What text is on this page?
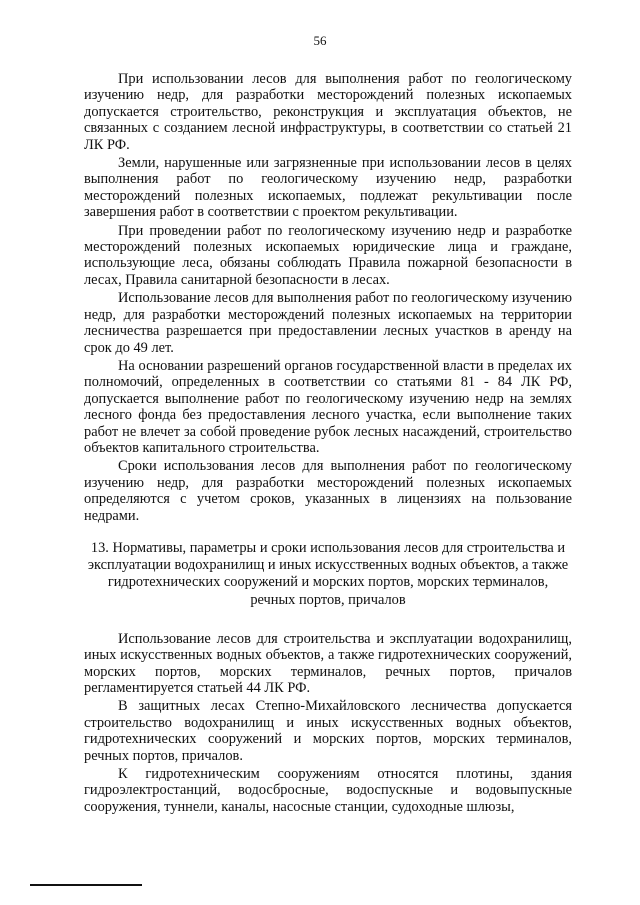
56

При использовании лесов для выполнения работ по геологическому изучению недр, для разработки месторождений полезных ископаемых допускается строительство, реконструкция и эксплуатация объектов, не связанных с созданием лесной инфраструктуры, в соответствии со статьей 21 ЛК РФ.

Земли, нарушенные или загрязненные при использовании лесов в целях выполнения работ по геологическому изучению недр, разработки месторождений полезных ископаемых, подлежат рекультивации после завершения работ в соответствии с проектом рекультивации.

При проведении работ по геологическому изучению недр и разработке месторождений полезных ископаемых юридические лица и граждане, использующие леса, обязаны соблюдать Правила пожарной безопасности в лесах, Правила санитарной безопасности в лесах.

Использование лесов для выполнения работ по геологическому изучению недр, для разработки месторождений полезных ископаемых на территории лесничества разрешается при предоставлении лесных участков в аренду на срок до 49 лет.

На основании разрешений органов государственной власти в пределах их полномочий, определенных в соответствии со статьями 81 - 84 ЛК РФ, допускается выполнение работ по геологическому изучению недр на землях лесного фонда без предоставления лесного участка, если выполнение таких работ не влечет за собой проведение рубок лесных насаждений, строительство объектов капитального строительства.

Сроки использования лесов для выполнения работ по геологическому изучению недр, для разработки месторождений полезных ископаемых определяются с учетом сроков, указанных в лицензиях на пользование недрами.

13. Нормативы, параметры и сроки использования лесов для строительства и эксплуатации водохранилищ и иных искусственных водных объектов, а также гидротехнических сооружений и морских портов, морских терминалов, речных портов, причалов

Использование лесов для строительства и эксплуатации водохранилищ, иных искусственных водных объектов, а также гидротехнических сооружений, морских портов, морских терминалов, речных портов, причалов регламентируется статьей 44 ЛК РФ.

В защитных лесах Степно-Михайловского лесничества допускается строительство водохранилищ и иных искусственных водных объектов, гидротехнических сооружений и морских портов, морских терминалов, речных портов, причалов.

К гидротехническим сооружениям относятся плотины, здания гидроэлектростанций, водосбросные, водоспускные и водовыпускные сооружения, туннели, каналы, насосные станции, судоходные шлюзы,
